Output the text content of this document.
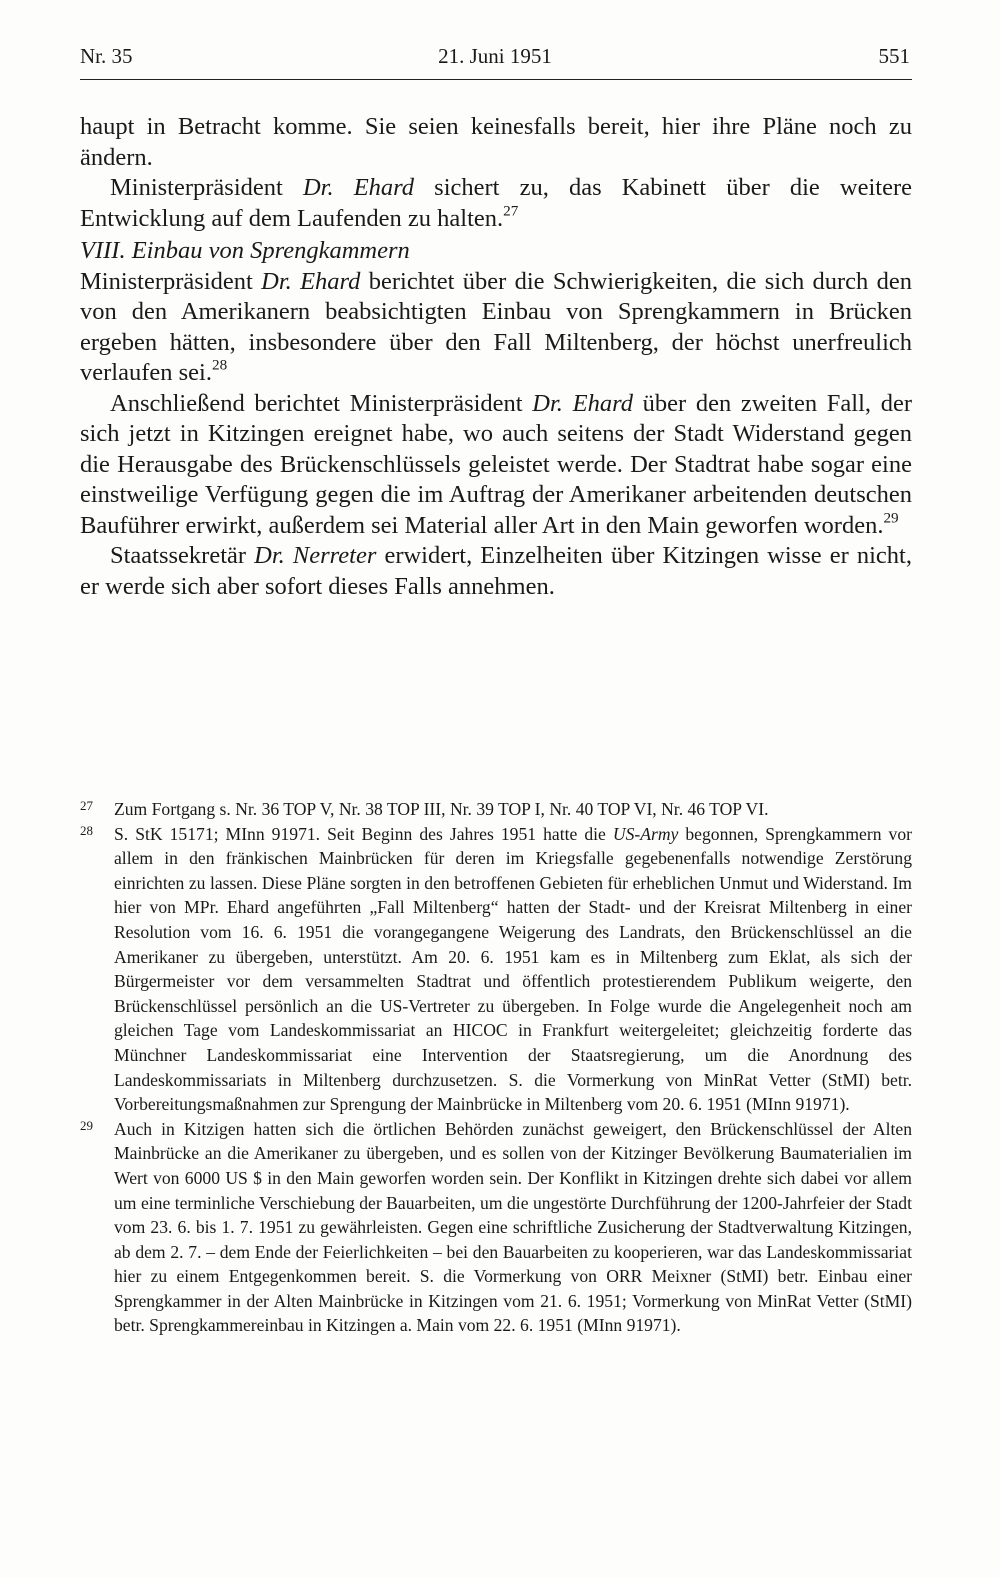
Nr. 35	21. Juni 1951	551

haupt in Betracht komme. Sie seien keinesfalls bereit, hier ihre Pläne noch zu ändern.

Ministerpräsident Dr. Ehard sichert zu, das Kabinett über die weitere Entwicklung auf dem Laufenden zu halten.$^{27}$

VIII. Einbau von Sprengkammern

Ministerpräsident Dr. Ehard berichtet über die Schwierigkeiten, die sich durch den von den Amerikanern beabsichtigten Einbau von Sprengkammern in Brücken ergeben hätten, insbesondere über den Fall Miltenberg, der höchst unerfreulich verlaufen sei.$^{28}$

Anschließend berichtet Ministerpräsident Dr. Ehard über den zweiten Fall, der sich jetzt in Kitzingen ereignet habe, wo auch seitens der Stadt Widerstand gegen die Herausgabe des Brückenschlüssels geleistet werde. Der Stadtrat habe sogar eine einstweilige Verfügung gegen die im Auftrag der Amerikaner arbeitenden deutschen Bauführer erwirkt, außerdem sei Material aller Art in den Main geworfen worden.$^{29}$

Staatssekretär Dr. Nerreter erwidert, Einzelheiten über Kitzingen wisse er nicht, er werde sich aber sofort dieses Falls annehmen.

27 Zum Fortgang s. Nr. 36 TOP V, Nr. 38 TOP III, Nr. 39 TOP I, Nr. 40 TOP VI, Nr. 46 TOP VI.

28 S. StK 15171; MInn 91971. Seit Beginn des Jahres 1951 hatte die US-Army begonnen, Sprengkammern vor allem in den fränkischen Mainbrücken für deren im Kriegsfalle gegebenenfalls notwendige Zerstörung einrichten zu lassen. Diese Pläne sorgten in den betroffenen Gebieten für erheblichen Unmut und Widerstand. Im hier von MPr. Ehard angeführten „Fall Miltenberg“ hatten der Stadt- und der Kreisrat Miltenberg in einer Resolution vom 16. 6. 1951 die vorangegangene Weigerung des Landrats, den Brückenschlüssel an die Amerikaner zu übergeben, unterstützt. Am 20. 6. 1951 kam es in Miltenberg zum Eklat, als sich der Bürgermeister vor dem versammelten Stadtrat und öffentlich protestierendem Publikum weigerte, den Brückenschlüssel persönlich an die US-Vertreter zu übergeben. In Folge wurde die Angelegenheit noch am gleichen Tage vom Landeskommissariat an HICOC in Frankfurt weitergeleitet; gleichzeitig forderte das Münchner Landeskommissariat eine Intervention der Staatsregierung, um die Anordnung des Landeskommissariats in Miltenberg durchzusetzen. S. die Vormerkung von MinRat Vetter (StMI) betr. Vorbereitungsmaßnahmen zur Sprengung der Mainbrücke in Miltenberg vom 20. 6. 1951 (MInn 91971).

29 Auch in Kitzigen hatten sich die örtlichen Behörden zunächst geweigert, den Brückenschlüssel der Alten Mainbrücke an die Amerikaner zu übergeben, und es sollen von der Kitzinger Bevölkerung Baumaterialien im Wert von 6000 US $ in den Main geworfen worden sein. Der Konflikt in Kitzingen drehte sich dabei vor allem um eine terminliche Verschiebung der Bauarbeiten, um die ungestörte Durchführung der 1200-Jahrfeier der Stadt vom 23. 6. bis 1. 7. 1951 zu gewährleisten. Gegen eine schriftliche Zusicherung der Stadtverwaltung Kitzingen, ab dem 2. 7. – dem Ende der Feierlichkeiten – bei den Bauarbeiten zu kooperieren, war das Landeskommissariat hier zu einem Entgegenkommen bereit. S. die Vormerkung von ORR Meixner (StMI) betr. Einbau einer Sprengkammer in der Alten Mainbrücke in Kitzingen vom 21. 6. 1951; Vormerkung von MinRat Vetter (StMI) betr. Sprengkammereinbau in Kitzingen a. Main vom 22. 6. 1951 (MInn 91971).
